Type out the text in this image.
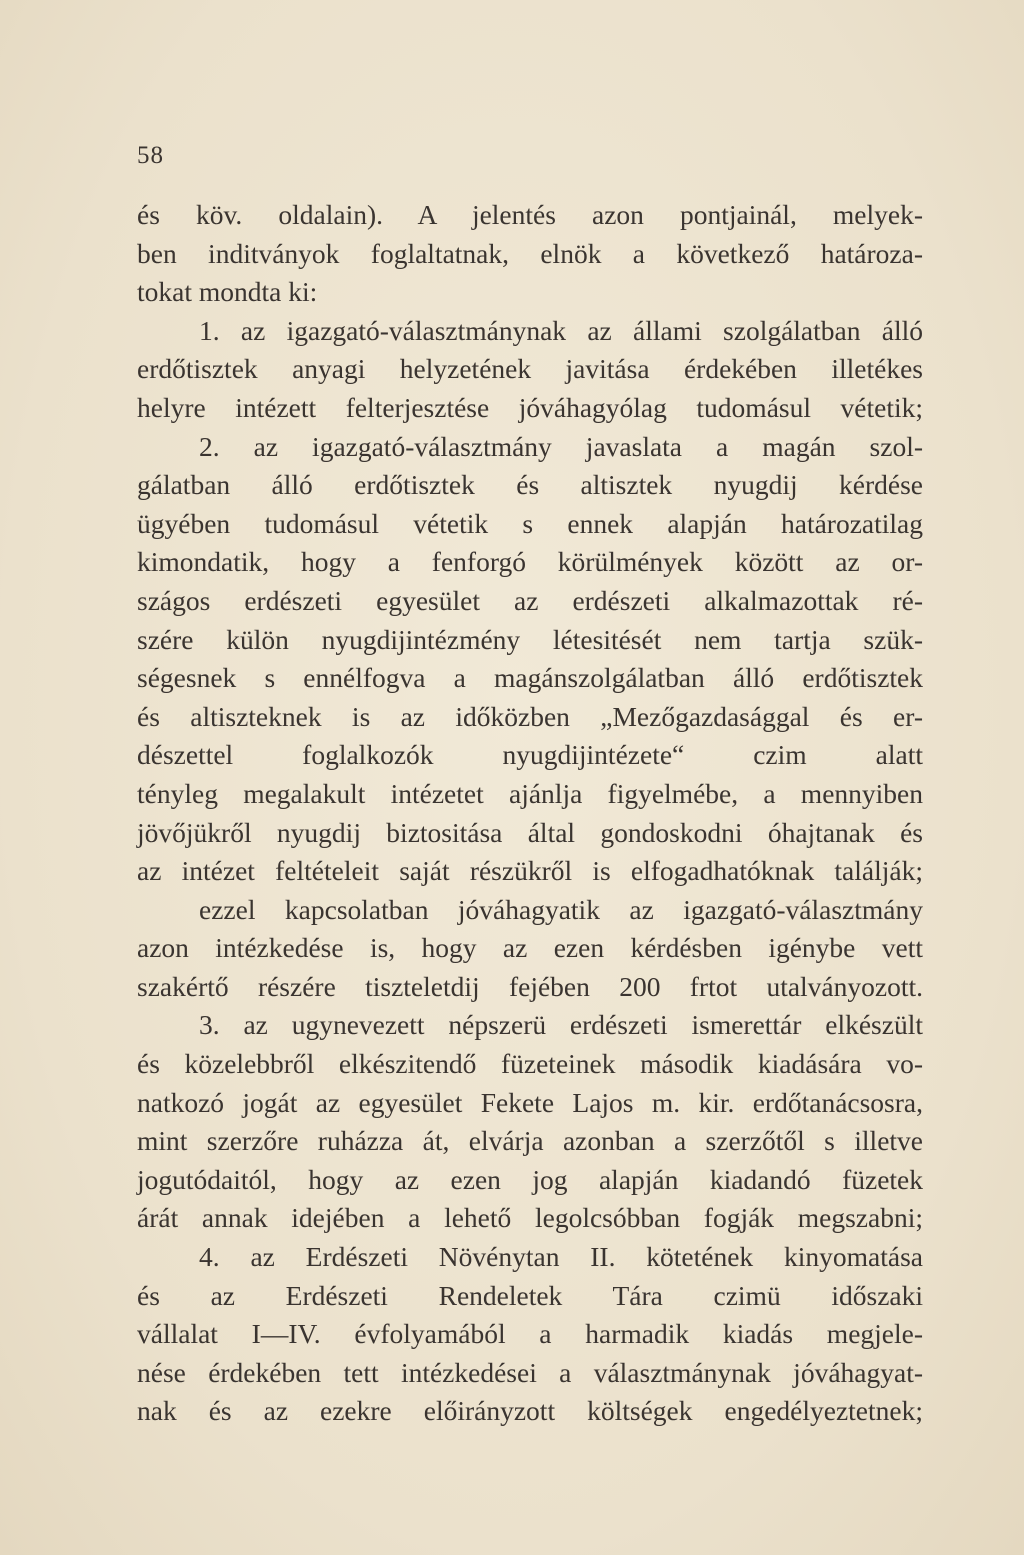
58
és köv. oldalain). A jelentés azon pontjainál, melyek-
ben inditványok foglaltatnak, elnök a következő határoza-
tokat mondta ki:
1. az igazgató-választmánynak az állami szolgálatban álló
erdőtisztek anyagi helyzetének javitása érdekében illetékes
helyre intézett felterjesztése jóváhagyólag tudomásul vétetik;
2. az igazgató-választmány javaslata a magán szol-
gálatban álló erdőtisztek és altisztek nyugdij kérdése
ügyében tudomásul vétetik s ennek alapján határozatilag
kimondatik, hogy a fenforgó körülmények között az or-
szágos erdészeti egyesület az erdészeti alkalmazottak ré-
szére külön nyugdijintézmény létesitését nem tartja szük-
ségesnek s ennélfogva a magánszolgálatban álló erdőtisztek
és altiszteknek is az időközben „Mezőgazdasággal és er-
dészettel foglalkozók nyugdijintézete“ czim alatt
tényleg megalakult intézetet ajánlja figyelmébe, a mennyiben
jövőjükről nyugdij biztositása által gondoskodni óhajtanak és
az intézet feltételeit saját részükről is elfogadhatóknak találják;
ezzel kapcsolatban jóváhagyatik az igazgató-választmány
azon intézkedése is, hogy az ezen kérdésben igénybe vett
szakértő részére tiszteletdij fejében 200 frtot utalványozott.
3. az ugynevezett népszerü erdészeti ismerettár elkészült
és közelebbről elkészitendő füzeteinek második kiadására vo-
natkozó jogát az egyesület Fekete Lajos m. kir. erdőtanácsosra,
mint szerzőre ruházza át, elvárja azonban a szerzőtől s illetve
jogutódaitól, hogy az ezen jog alapján kiadandó füzetek
árát annak idejében a lehető legolcsóbban fogják megszabni;
4. az Erdészeti Növénytan II. kötetének kinyomatása
és az Erdészeti Rendeletek Tára czimü időszaki
vállalat I—IV. évfolyamából a harmadik kiadás megjele-
nése érdekében tett intézkedései a választmánynak jóváhagyat-
nak és az ezekre előirányzott költségek engedélyeztetnek;
